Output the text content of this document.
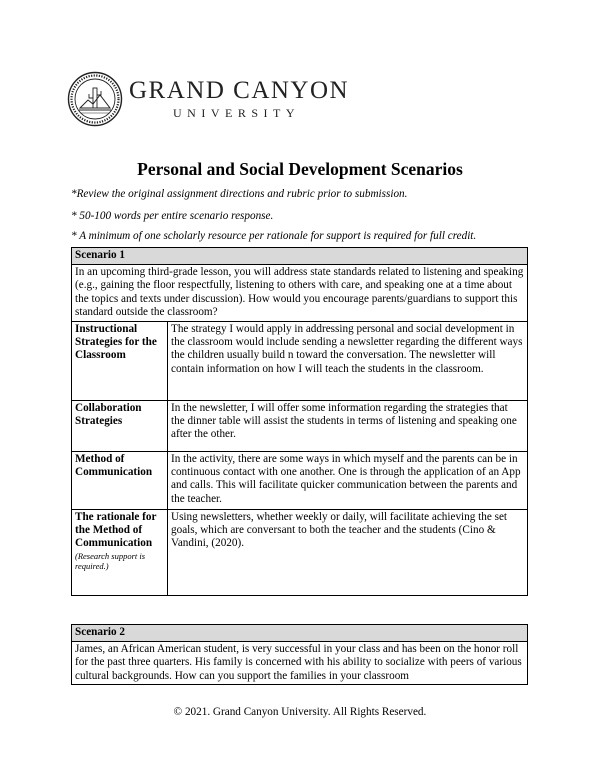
GRAND CANYON
UNIVERSITY
Personal and Social Development Scenarios
*Review the original assignment directions and rubric prior to submission.
* 50-100 words per entire scenario response.
* A minimum of one scholarly resource per rationale for support is required for full credit.
Scenario 1	
In an upcoming third-grade lesson, you will address state standards related to listening and speaking (e.g., gaining the floor respectfully, listening to others with care, and speaking one at a time about the topics and texts under discussion). How would you encourage parents/guardians to support this standard outside the classroom?	
Instructional Strategies for the Classroom	The strategy I would apply in addressing personal and social development in the classroom would include sending a newsletter regarding the different ways the children usually build n toward the conversation. The newsletter will contain information on how I will teach the students in the classroom.
Collaboration Strategies	In the newsletter, I will offer some information regarding the strategies that the dinner table will assist the students in terms of listening and speaking one after the other.
Method of Communication	In the activity, there are some ways in which myself and the parents can be in continuous contact with one another. One is through the application of an App and calls. This will facilitate quicker communication between the parents and the teacher.
The rationale for the Method of Communication
(Research support is required.)	Using newsletters, whether weekly or daily, will facilitate achieving the set goals, which are conversant to both the teacher and the students (Cino & Vandini, (2020).
Scenario 2
James, an African American student, is very successful in your class and has been on the honor roll for the past three quarters. His family is concerned with his ability to socialize with peers of various cultural backgrounds. How can you support the families in your classroom
© 2021. Grand Canyon University. All Rights Reserved.
